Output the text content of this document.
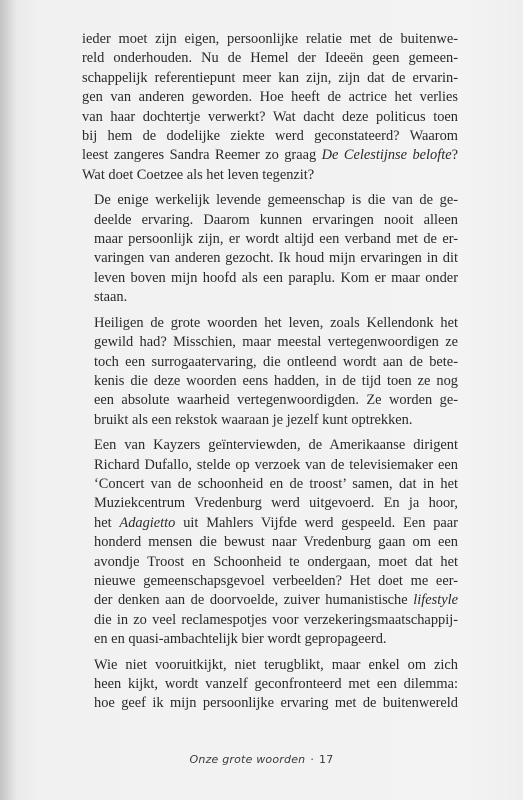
ieder moet zijn eigen, persoonlijke relatie met de buitenwe-
reld onderhouden. Nu de Hemel der Ideeën geen gemeen-
schappelijk referentiepunt meer kan zijn, zijn dat de ervarin-
gen van anderen geworden. Hoe heeft de actrice het verlies
van haar dochtertje verwerkt? Wat dacht deze politicus toen
bij hem de dodelijke ziekte werd geconstateerd? Waarom
leest zangeres Sandra Reemer zo graag De Celestijnse belofte?
Wat doet Coetzee als het leven tegenzit?
De enige werkelijk levende gemeenschap is die van de ge-
deelde ervaring. Daarom kunnen ervaringen nooit alleen
maar persoonlijk zijn, er wordt altijd een verband met de er-
varingen van anderen gezocht. Ik houd mijn ervaringen in dit
leven boven mijn hoofd als een paraplu. Kom er maar onder
staan.
Heiligen de grote woorden het leven, zoals Kellendonk het
gewild had? Misschien, maar meestal vertegenwoordigen ze
toch een surrogaatervaring, die ontleend wordt aan de bete-
kenis die deze woorden eens hadden, in de tijd toen ze nog
een absolute waarheid vertegenwoordigden. Ze worden ge-
bruikt als een rekstok waaraan je jezelf kunt optrekken.
Een van Kayzers geïnterviewden, de Amerikaanse dirigent
Richard Dufallo, stelde op verzoek van de televisiemaker een
‘Concert van de schoonheid en de troost’ samen, dat in het
Muziekcentrum Vredenburg werd uitgevoerd. En ja hoor,
het Adagietto uit Mahlers Vijfde werd gespeeld. Een paar
honderd mensen die bewust naar Vredenburg gaan om een
avondje Troost en Schoonheid te ondergaan, moet dat het
nieuwe gemeenschapsgevoel verbeelden? Het doet me eer-
der denken aan de doorvoelde, zuiver humanistische lifestyle
die in zo veel reclamespotjes voor verzekeringsmaatschappij-
en en quasi-ambachtelijk bier wordt gepropageerd.
Wie niet vooruitkijkt, niet terugblikt, maar enkel om zich
heen kijkt, wordt vanzelf geconfronteerd met een dilemma:
hoe geef ik mijn persoonlijke ervaring met de buitenwereld
Onze grote woorden · 17
